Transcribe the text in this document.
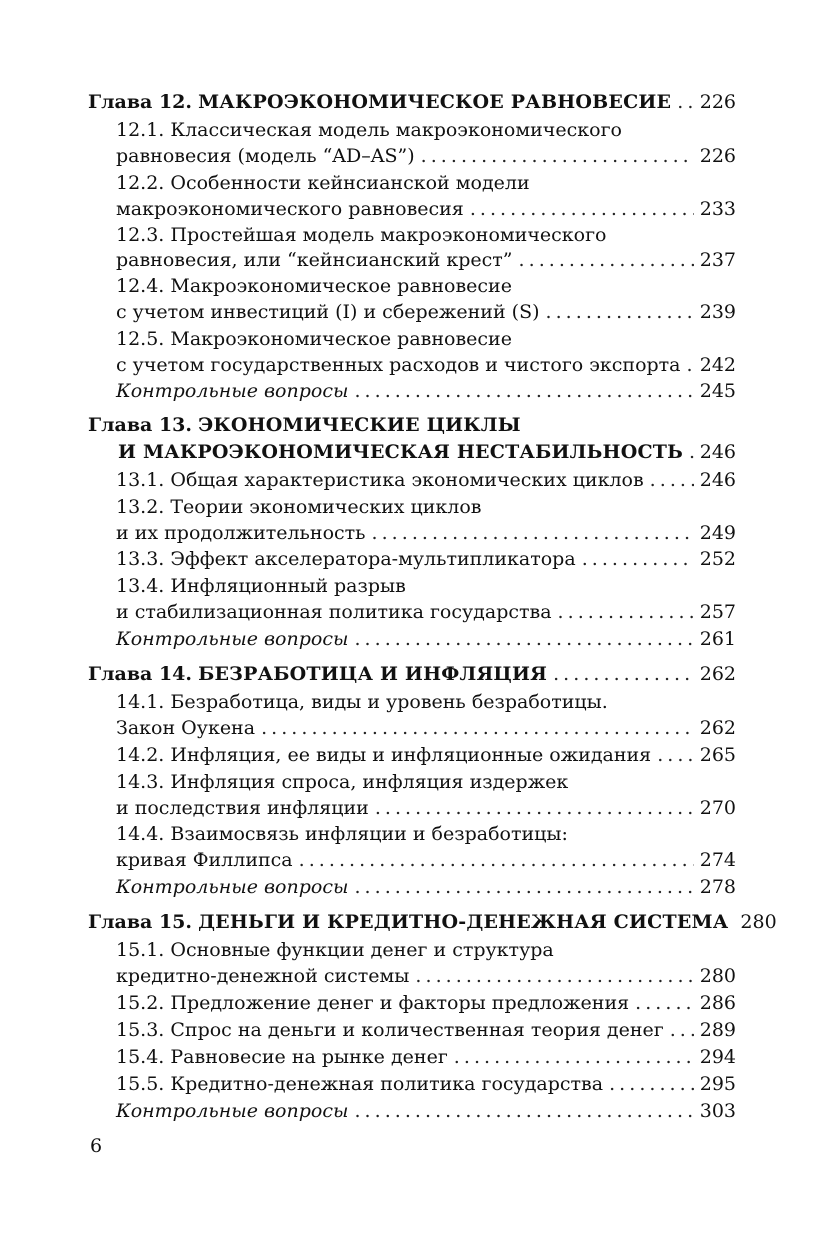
Глава 12.
МАКРОЭКОНОМИЧЕСКОЕ РАВНОВЕСИЕ . . . 226
12.1. Классическая модель макроэкономического
равновесия (модель “AD–AS”) . . .	226
12.2. Особенности кейнсианской модели
макроэкономического равновесия . . .	233
12.3. Простейшая модель макроэкономического
равновесия, или “кейнсианский крест” . . .	237
12.4. Макроэкономическое равновесие
с учетом инвестиций (I) и сбережений (S) . . .	239
12.5. Макроэкономическое равновесие
с учетом государственных расходов и чистого экспорта . . . 242
Контрольные вопросы . . .	245
Глава 13.
ЭКОНОМИЧЕСКИЕ ЦИКЛЫ
И МАКРОЭКОНОМИЧЕСКАЯ НЕСТАБИЛЬНОСТЬ . . . 246
13.1. Общая характеристика экономических циклов . . .	246
13.2. Теории экономических циклов
и их продолжительность . . .	249
13.3. Эффект акселератора-мультипликатора . . .	252
13.4. Инфляционный разрыв
и стабилизационная политика государства . . .	257
Контрольные вопросы . . .	261
Глава 14.
БЕЗРАБОТИЦА И ИНФЛЯЦИЯ . . .	262
14.1. Безработица, виды и уровень безработицы.
Закон Оукена . . .	262
14.2. Инфляция, ее виды и инфляционные ожидания . . .	265
14.3. Инфляция спроса, инфляция издержек
и последствия инфляции . . .	270
14.4. Взаимосвязь инфляции и безработицы:
кривая Филлипса . . .	274
Контрольные вопросы . . .	278
Глава 15.
ДЕНЬГИ И КРЕДИТНО-ДЕНЕЖНАЯ СИСТЕМА 280
15.1. Основные функции денег и структура
кредитно-денежной системы . . .	280
15.2. Предложение денег и факторы предложения . . .	286
15.3. Спрос на деньги и количественная теория денег . . . 289
15.4. Равновесие на рынке денег . . .	294
15.5. Кредитно-денежная политика государства . . .	295
Контрольные вопросы . . .	303
6
